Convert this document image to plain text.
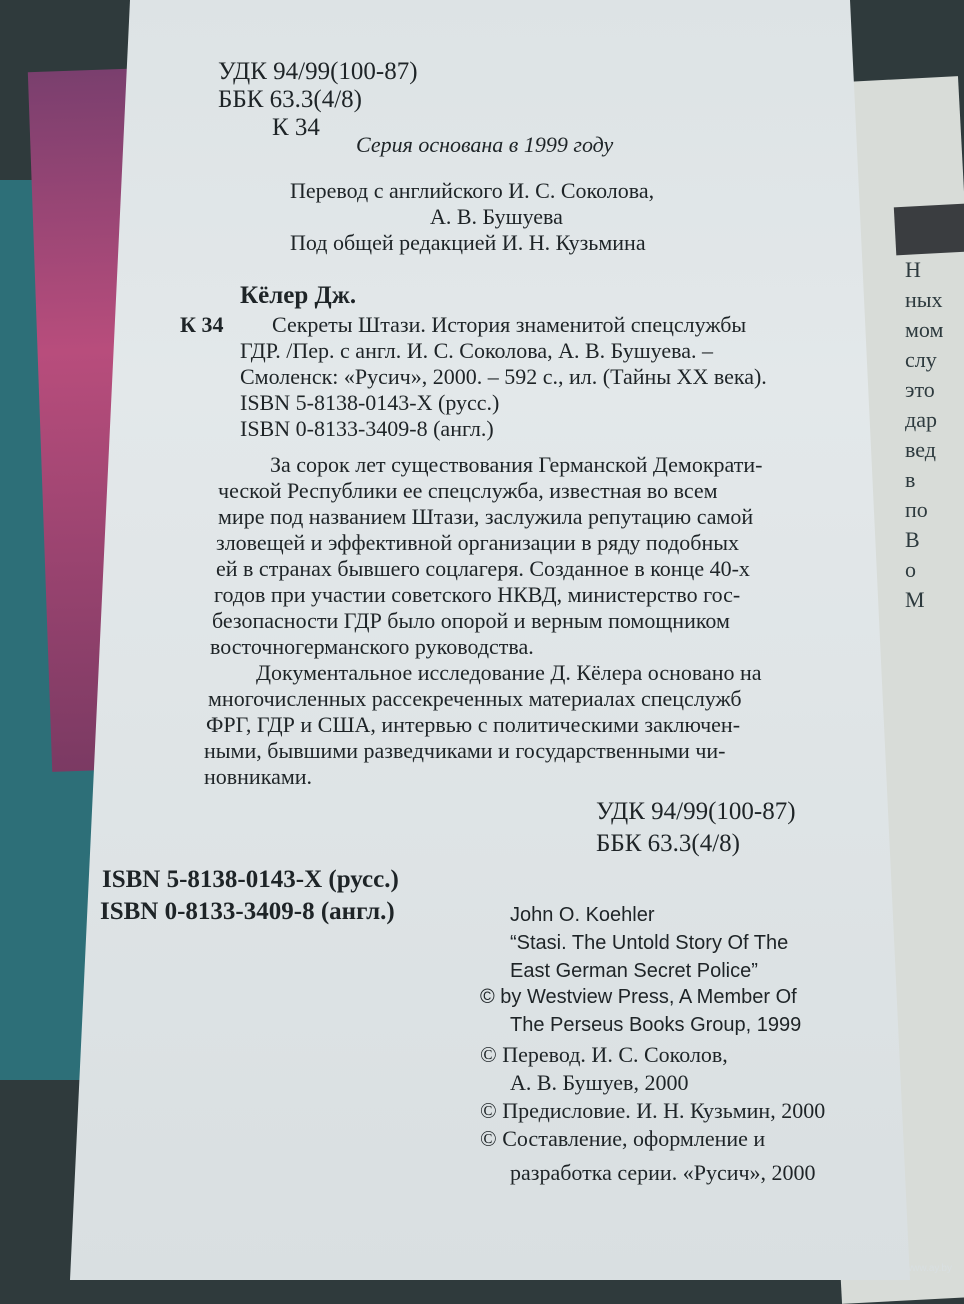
Н
ных
мом
слу
это
дар
вед
в
по
В
о
М
УДК 94/99(100-87)
ББК 63.3(4/8)
К 34
Серия основана в 1999 году
Перевод с английского И. С. Соколова,
А. В. Бушуева
Под общей редакцией И. Н. Кузьмина
Кёлер Дж.
К 34 Секреты Штази. История знаменитой спецслужбы
ГДР. /Пер. с англ. И. С. Соколова, А. В. Бушуева. –
Смоленск: «Русич», 2000. – 592 с., ил. (Тайны XX века).
ISBN 5-8138-0143-X (русс.)
ISBN 0-8133-3409-8 (англ.)
За сорок лет существования Германской Демократи-
ческой Республики ее спецслужба, известная во всем
мире под названием Штази, заслужила репутацию самой
зловещей и эффективной организации в ряду подобных
ей в странах бывшего соцлагеря. Созданное в конце 40-х
годов при участии советского НКВД, министерство гос-
безопасности ГДР было опорой и верным помощником
восточногерманского руководства.
Документальное исследование Д. Кёлера основано на
многочисленных рассекреченных материалах спецслужб
ФРГ, ГДР и США, интервью с политическими заключен-
ными, бывшими разведчиками и государственными чи-
новниками.
УДК 94/99(100-87)
ББК 63.3(4/8)
ISBN 5-8138-0143-X (русс.)
ISBN 0-8133-3409-8 (англ.)	John O. Koehler
“Stasi. The Untold Story Of The
East German Secret Police”
© by Westview Press, A Member Of
The Perseus Books Group, 1999
© Перевод. И. С. Соколов,
А. В. Бушуев, 2000
© Предисловие. И. Н. Кузьмин, 2000
© Составление, оформление и
разработка серии. «Русич», 2000
www.ay.by
